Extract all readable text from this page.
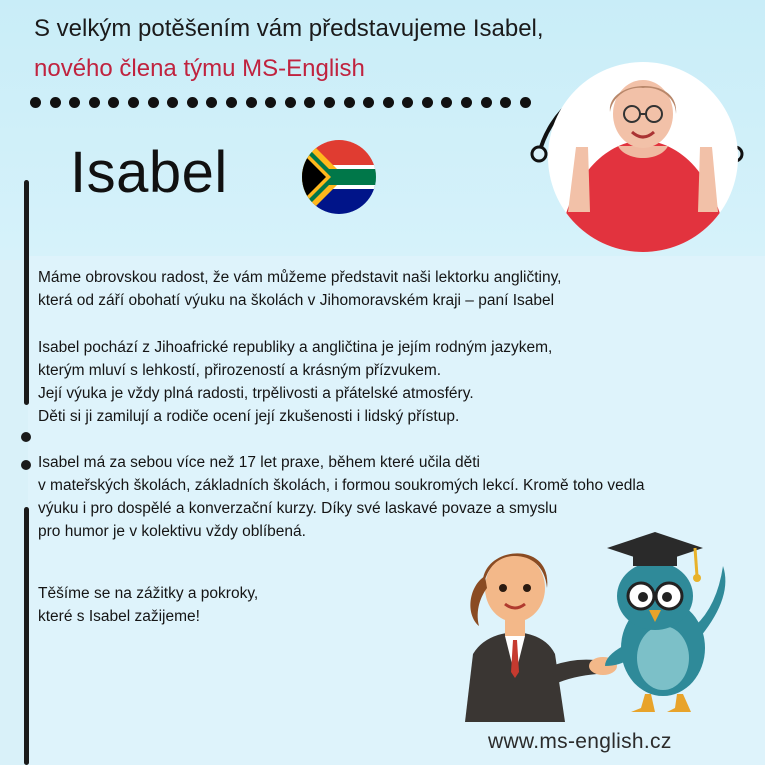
S velkým potěšením vám představujeme Isabel,
nového člena týmu MS-English
Isabel
Máme obrovskou radost, že vám můžeme představit naši lektorku angličtiny,
která od září obohatí výuku na školách v Jihomoravském kraji – paní Isabel
Isabel pochází z Jihoafrické republiky a angličtina je jejím rodným jazykem,
kterým mluví s lehkostí, přirozeností a krásným přízvukem.
Její výuka je vždy plná radosti, trpělivosti a přátelské atmosféry.
Děti si ji zamilují a rodiče ocení její zkušenosti i lidský přístup.
Isabel má za sebou více než 17 let praxe, během které učila děti
v mateřských školách, základních školách, i formou soukromých lekcí. Kromě toho vedla
výuku i pro dospělé a konverzační kurzy. Díky své laskavé povaze a smyslu
pro humor je v kolektivu vždy oblíbená.
Těšíme se na zážitky a pokroky,
které s Isabel zažijeme!
www.ms-english.cz
